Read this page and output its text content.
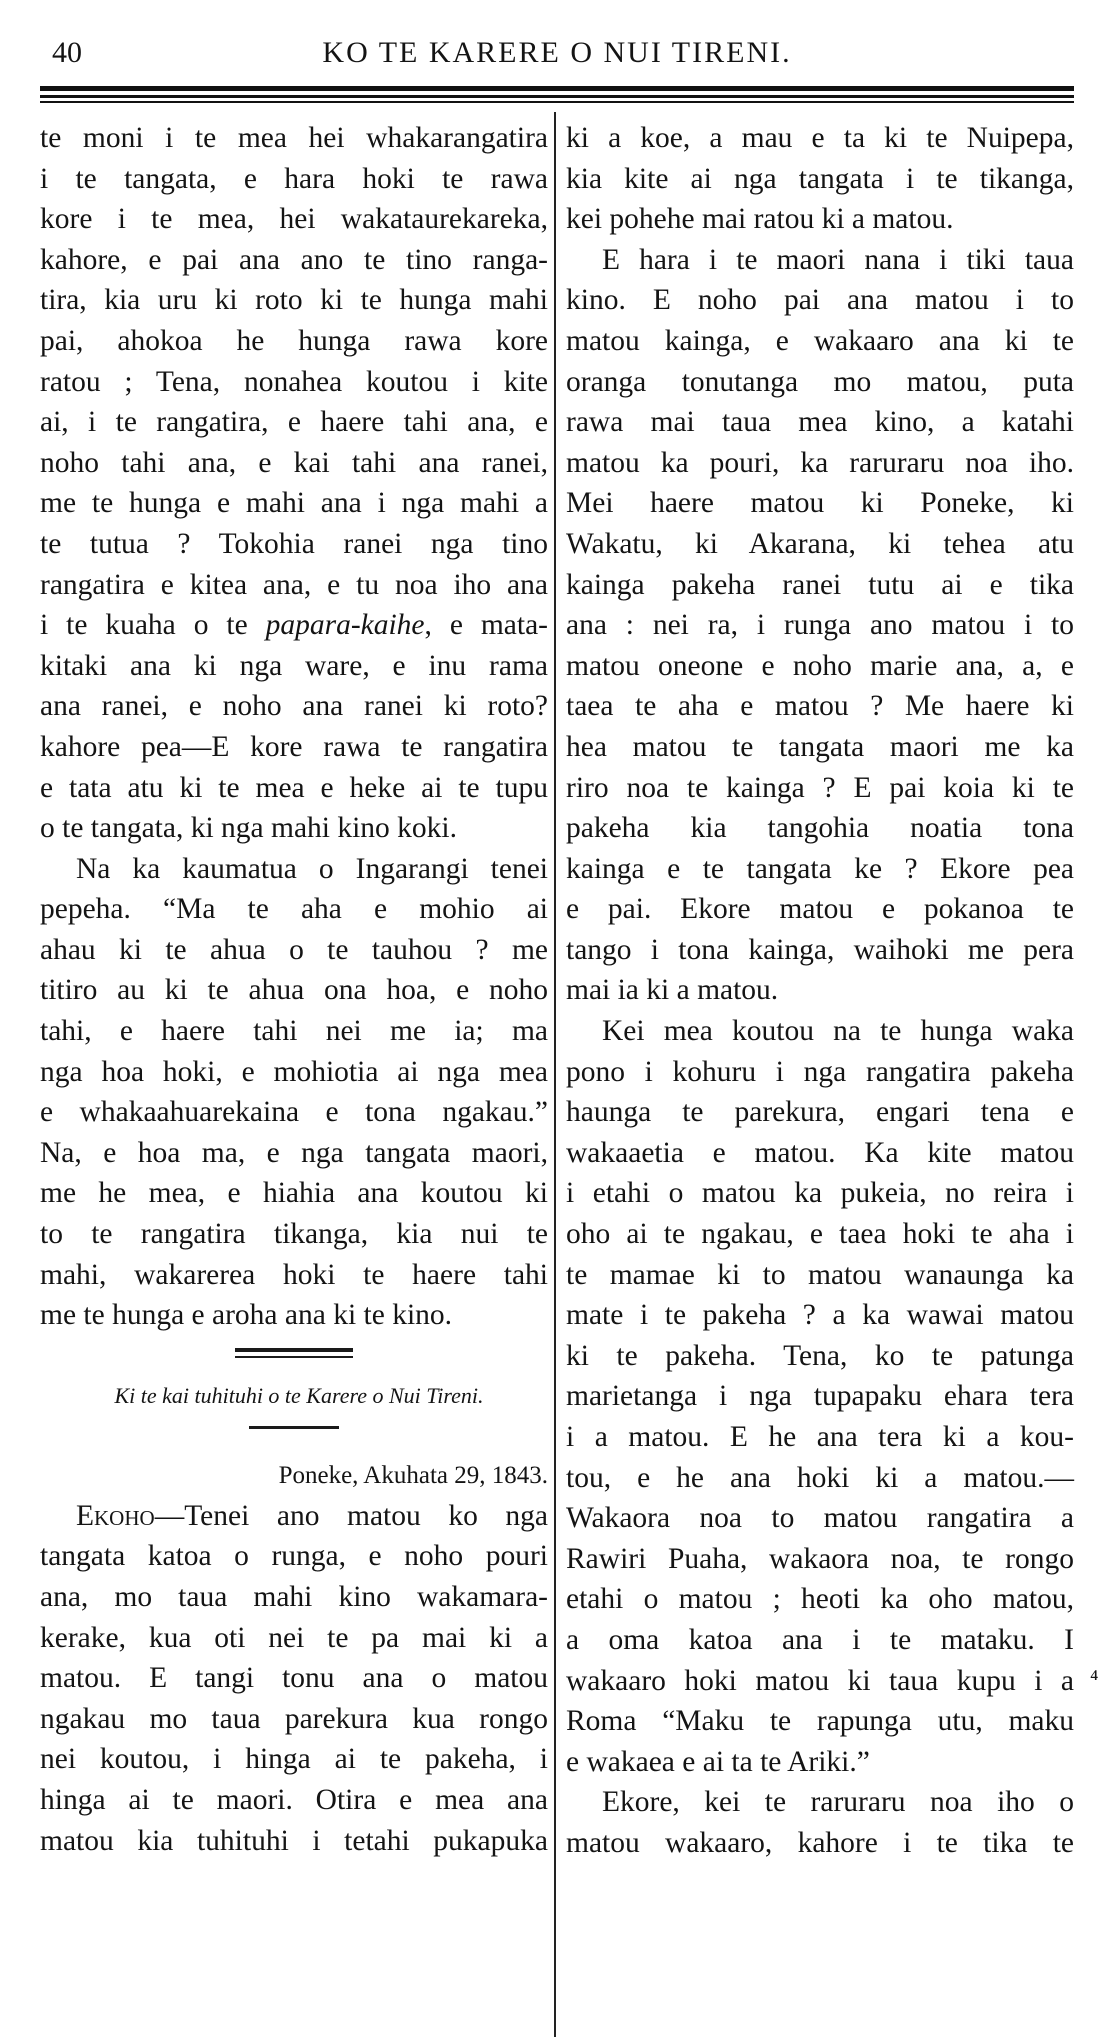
40	KO TE KARERE O NUI TIRENI.

te moni i te mea hei whakarangatira

i te tangata, e hara hoki te rawa

kore i te mea, hei wakataurekareka,

kahore, e pai ana ano te tino ranga-

tira, kia uru ki roto ki te hunga mahi

pai, ahokoa he hunga rawa kore

ratou ; Tena, nonahea koutou i kite

ai, i te rangatira, e haere tahi ana, e

noho tahi ana, e kai tahi ana ranei,

me te hunga e mahi ana i nga mahi a

te tutua ? Tokohia ranei nga tino

rangatira e kitea ana, e tu noa iho ana

i te kuaha o te papara-kaihe, e mata-

kitaki ana ki nga ware, e inu rama

ana ranei, e noho ana ranei ki roto?

kahore pea—E kore rawa te rangatira

e tata atu ki te mea e heke ai te tupu

o te tangata, ki nga mahi kino koki.

Na ka kaumatua o Ingarangi tenei

pepeha. “Ma te aha e mohio ai

ahau ki te ahua o te tauhou ? me

titiro au ki te ahua ona hoa, e noho

tahi, e haere tahi nei me ia; ma

nga hoa hoki, e mohiotia ai nga mea

e whakaahuarekaina e tona ngakau.”

Na, e hoa ma, e nga tangata maori,

me he mea, e hiahia ana koutou ki

to te rangatira tikanga, kia nui te

mahi, wakarerea hoki te haere tahi

me te hunga e aroha ana ki te kino.

Ki te kai tuhituhi o te Karere o Nui Tireni.
Poneke, Akuhata 29, 1843.

Ekoho—Tenei ano matou ko nga

tangata katoa o runga, e noho pouri

ana, mo taua mahi kino wakamara-

kerake, kua oti nei te pa mai ki a

matou. E tangi tonu ana o matou

ngakau mo taua parekura kua rongo

nei koutou, i hinga ai te pakeha, i

hinga ai te maori. Otira e mea ana

matou kia tuhituhi i tetahi pukapuka

ki a koe, a mau e ta ki te Nuipepa,

kia kite ai nga tangata i te tikanga,

kei pohehe mai ratou ki a matou.

E hara i te maori nana i tiki taua

kino. E noho pai ana matou i to

matou kainga, e wakaaro ana ki te

oranga tonutanga mo matou, puta

rawa mai taua mea kino, a katahi

matou ka pouri, ka raruraru noa iho.

Mei haere matou ki Poneke, ki

Wakatu, ki Akarana, ki tehea atu

kainga pakeha ranei tutu ai e tika

ana : nei ra, i runga ano matou i to

matou oneone e noho marie ana, a, e

taea te aha e matou ? Me haere ki

hea matou te tangata maori me ka

riro noa te kainga ? E pai koia ki te

pakeha kia tangohia noatia tona

kainga e te tangata ke ? Ekore pea

e pai. Ekore matou e pokanoa te

tango i tona kainga, waihoki me pera

mai ia ki a matou.

Kei mea koutou na te hunga waka

pono i kohuru i nga rangatira pakeha

haunga te parekura, engari tena e

wakaaetia e matou. Ka kite matou

i etahi o matou ka pukeia, no reira i

oho ai te ngakau, e taea hoki te aha i

te mamae ki to matou wanaunga ka

mate i te pakeha ? a ka wawai matou

ki te pakeha. Tena, ko te patunga

marietanga i nga tupapaku ehara tera

i a matou. E he ana tera ki a kou-

tou, e he ana hoki ki a matou.—

Wakaora noa to matou rangatira a

Rawiri Puaha, wakaora noa, te rongo

etahi o matou ; heoti ka oho matou,

a oma katoa ana i te mataku. I

wakaaro hoki matou ki taua kupu i a

Roma “Maku te rapunga utu, maku

e wakaea e ai ta te Ariki.”

Ekore, kei te raruraru noa iho o

matou wakaaro, kahore i te tika te

⁴
